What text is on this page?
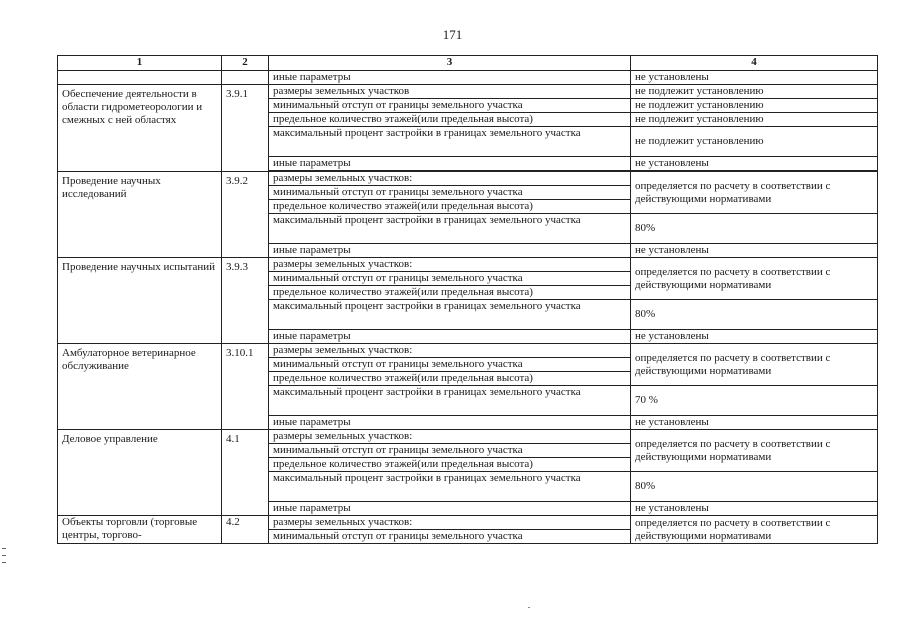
171
1	2	3	4
		иные параметры	не установлены
Обеспечение деятельности в области гидрометеорологии и смежных с ней областях	3.9.1	размеры земельных участков	не подлежит установлению
		минимальный отступ от границы земельного участка	не подлежит установлению
		предельное количество этажей(или предельная высота)	не подлежит установлению
		максимальный процент застройки в границах земельного участка	не подлежит установлению
		иные параметры	не установлены

Проведение научных исследований	3.9.2	размеры земельных участков:	определяется по расчету в соответствии с действующими нормативами
		минимальный отступ от границы земельного участка	
		предельное количество этажей(или предельная высота)	
		максимальный процент застройки в границах земельного участка	80%
		иные параметры	не установлены
Проведение научных испытаний	3.9.3	размеры земельных участков:	определяется по расчету в соответствии с действующими нормативами
		минимальный отступ от границы земельного участка	
		предельное количество этажей(или предельная высота)	
		максимальный процент застройки в границах земельного участка	80%
		иные параметры	не установлены
Амбулаторное ветеринарное обслуживание	3.10.1	размеры земельных участков:	определяется по расчету в соответствии с действующими нормативами
		минимальный отступ от границы земельного участка	
		предельное количество этажей(или предельная высота)	
		максимальный процент застройки в границах земельного участка	70 %
		иные параметры	не установлены
Деловое управление	4.1	размеры земельных участков:	определяется по расчету в соответствии с действующими нормативами
		минимальный отступ от границы земельного участка	
		предельное количество этажей(или предельная высота)	
		максимальный процент застройки в границах земельного участка	80%
		иные параметры	не установлены
Объекты торговли (торговые центры, торгово-	4.2	размеры земельных участков:	определяется по расчету в соответствии с действующими нормативами
		минимальный отступ от границы земельного участка	
